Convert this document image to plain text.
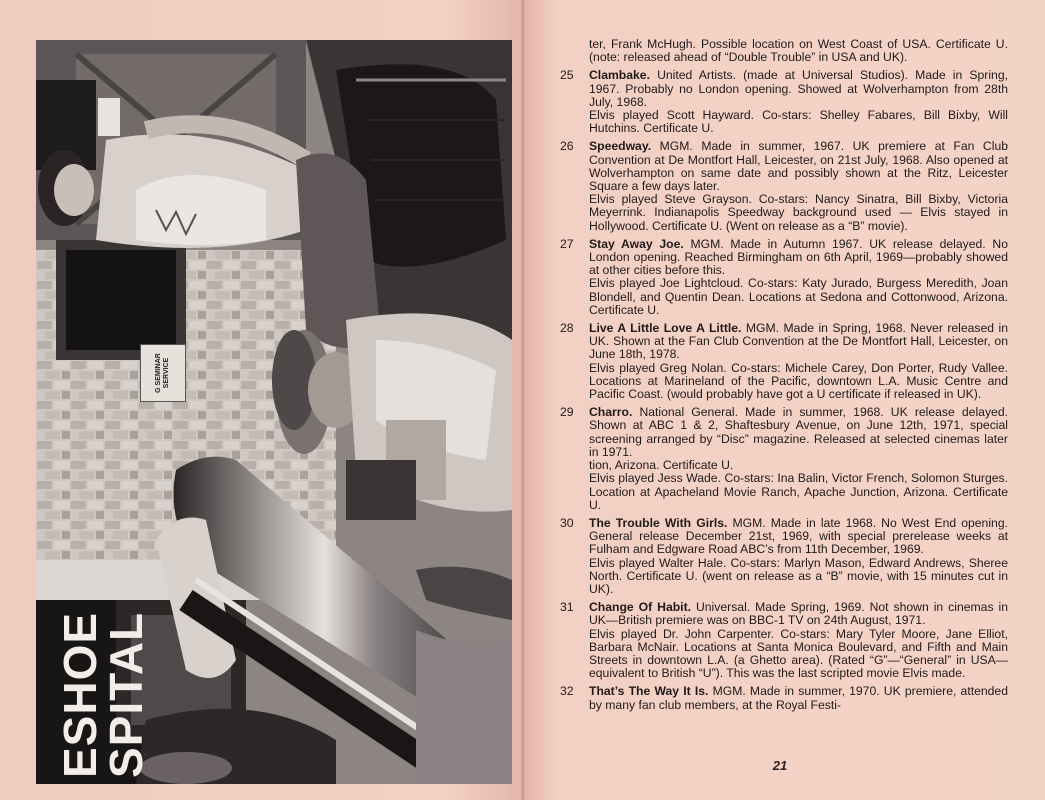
G SEMINAR SERVICE
ESHOE
SPITAL

ter, Frank McHugh. Possible location on West Coast of USA. Certificate U. (note: released ahead of “Double Trouble” in USA and UK).

25	Clambake. United Artists. (made at Universal Studios). Made in Spring, 1967. Probably no London opening. Showed at Wolverhampton from 28th July, 1968.

Elvis played Scott Hayward. Co-stars: Shelley Fabares, Bill Bixby, Will Hutchins. Certificate U.

26	Speedway. MGM. Made in summer, 1967. UK premiere at Fan Club Convention at De Montfort Hall, Leicester, on 21st July, 1968. Also opened at Wolverhampton on same date and possibly shown at the Ritz, Leicester Square a few days later.

Elvis played Steve Grayson. Co-stars: Nancy Sinatra, Bill Bixby, Victoria Meyerrink. Indianapolis Speedway background used — Elvis stayed in Hollywood. Certificate U. (Went on release as a “B” movie).

27	Stay Away Joe. MGM. Made in Autumn 1967. UK release delayed. No London opening. Reached Birmingham on 6th April, 1969—probably showed at other cities before this.

Elvis played Joe Lightcloud. Co-stars: Katy Jurado, Burgess Meredith, Joan Blondell, and Quentin Dean. Locations at Sedona and Cottonwood, Arizona. Certificate U.

28	Live A Little Love A Little. MGM. Made in Spring, 1968. Never released in UK. Shown at the Fan Club Convention at the De Montfort Hall, Leicester, on June 18th, 1978.

Elvis played Greg Nolan. Co-stars: Michele Carey, Don Porter, Rudy Vallee. Locations at Marineland of the Pacific, downtown L.A. Music Centre and Pacific Coast. (would probably have got a U certificate if released in UK).

29	Charro. National General. Made in summer, 1968. UK release delayed. Shown at ABC 1 & 2, Shaftesbury Avenue, on June 12th, 1971, special screening arranged by “Disc” magazine. Released at selected cinemas later in 1971.

tion, Arizona. Certificate U.

Elvis played Jess Wade. Co-stars: Ina Balin, Victor French, Solomon Sturges. Location at Apacheland Movie Ranch, Apache Junction, Arizona. Certificate U.

30	The Trouble With Girls. MGM. Made in late 1968. No West End opening. General release December 21st, 1969, with special prerelease weeks at Fulham and Edgware Road ABC’s from 11th December, 1969.

Elvis played Walter Hale. Co-stars: Marlyn Mason, Edward Andrews, Sheree North. Certificate U. (went on release as a “B” movie, with 15 minutes cut in UK).

31	Change Of Habit. Universal. Made Spring, 1969. Not shown in cinemas in UK—British premiere was on BBC-1 TV on 24th August, 1971.

Elvis played Dr. John Carpenter. Co-stars: Mary Tyler Moore, Jane Elliot, Barbara McNair. Locations at Santa Monica Boulevard, and Fifth and Main Streets in downtown L.A. (a Ghetto area). (Rated “G”—“General” in USA—equivalent to British “U”). This was the last scripted movie Elvis made.

32	That’s The Way It Is. MGM. Made in summer, 1970. UK premiere, attended by many fan club members, at the Royal Festi-

21
